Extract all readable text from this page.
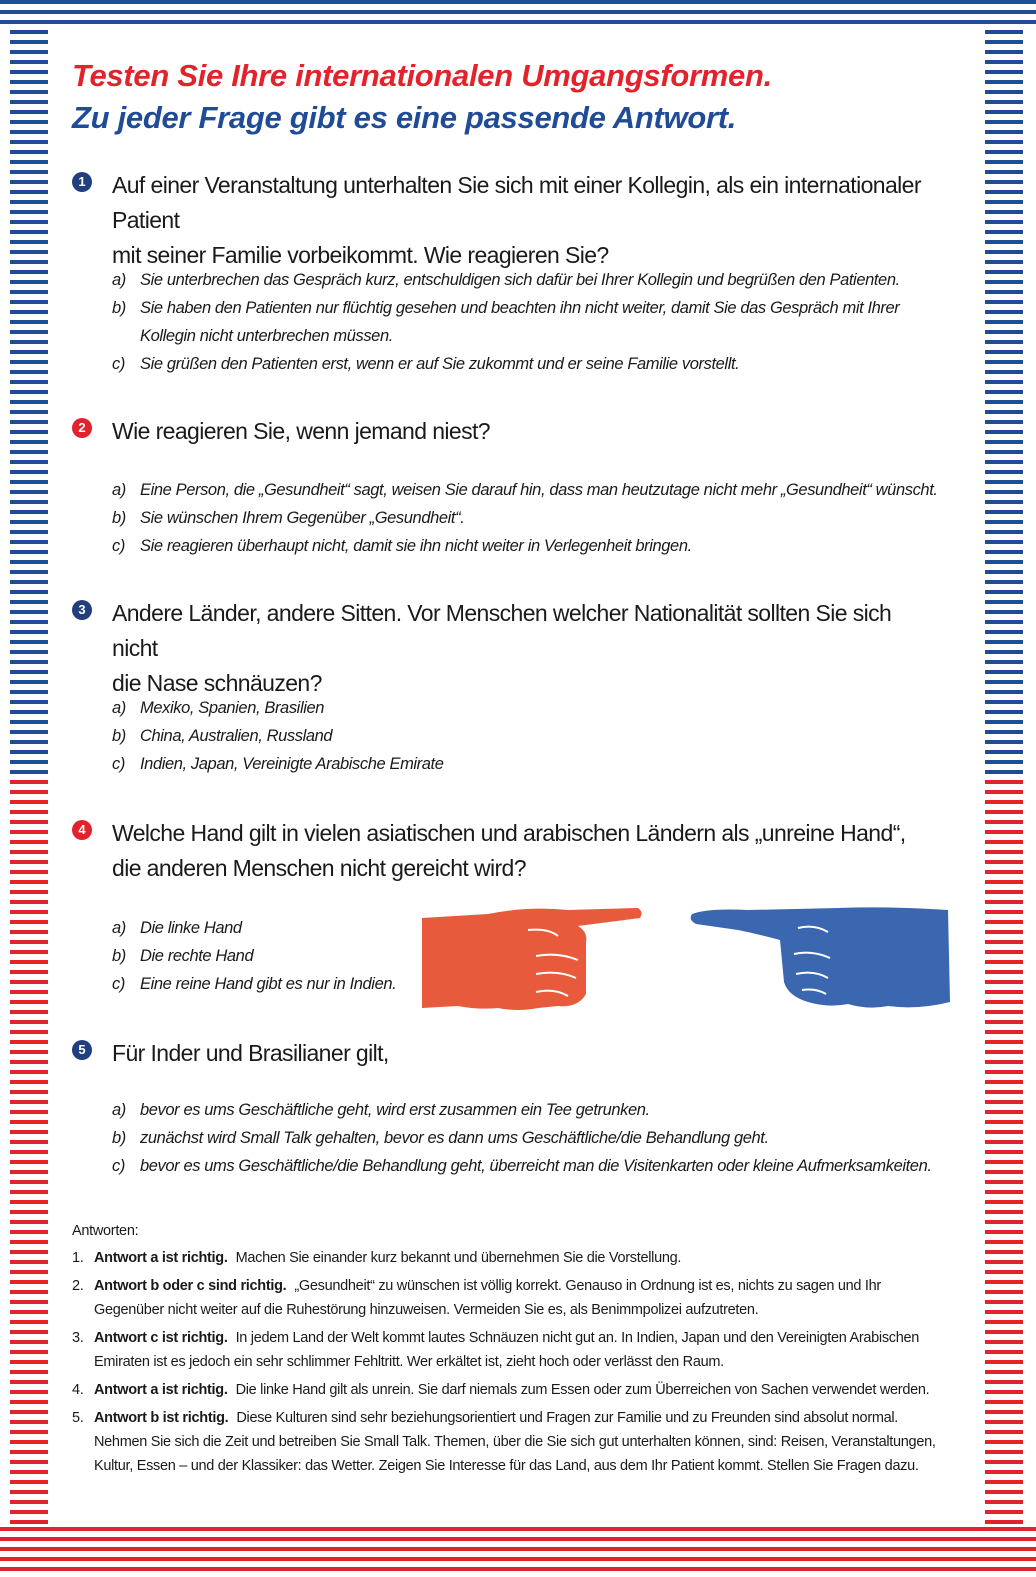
Testen Sie Ihre internationalen Umgangsformen.
Zu jeder Frage gibt es eine passende Antwort.
1 Auf einer Veranstaltung unterhalten Sie sich mit einer Kollegin, als ein internationaler Patient
mit seiner Familie vorbeikommt. Wie reagieren Sie?
a) Sie unterbrechen das Gespräch kurz, entschuldigen sich dafür bei Ihrer Kollegin und begrüßen den Patienten.
b) Sie haben den Patienten nur flüchtig gesehen und beachten ihn nicht weiter, damit Sie das Gespräch mit Ihrer Kollegin nicht unterbrechen müssen.
c) Sie grüßen den Patienten erst, wenn er auf Sie zukommt und er seine Familie vorstellt.
2 Wie reagieren Sie, wenn jemand niest?
a) Eine Person, die „Gesundheit“ sagt, weisen Sie darauf hin, dass man heutzutage nicht mehr „Gesundheit“ wünscht.
b) Sie wünschen Ihrem Gegenüber „Gesundheit“.
c) Sie reagieren überhaupt nicht, damit sie ihn nicht weiter in Verlegenheit bringen.
3 Andere Länder, andere Sitten. Vor Menschen welcher Nationalität sollten Sie sich nicht
die Nase schnäuzen?
a) Mexiko, Spanien, Brasilien
b) China, Australien, Russland
c) Indien, Japan, Vereinigte Arabische Emirate
4 Welche Hand gilt in vielen asiatischen und arabischen Ländern als „unreine Hand“,
die anderen Menschen nicht gereicht wird?
a) Die linke Hand
b) Die rechte Hand
c) Eine reine Hand gibt es nur in Indien.
5 Für Inder und Brasilianer gilt,
a) bevor es ums Geschäftliche geht, wird erst zusammen ein Tee getrunken.
b) zunächst wird Small Talk gehalten, bevor es dann ums Geschäftliche/die Behandlung geht.
c) bevor es ums Geschäftliche/die Behandlung geht, überreicht man die Visitenkarten oder kleine Aufmerksamkeiten.
Antworten:
1. Antwort a ist richtig. Machen Sie einander kurz bekannt und übernehmen Sie die Vorstellung.
2. Antwort b oder c sind richtig. „Gesundheit“ zu wünschen ist völlig korrekt. Genauso in Ordnung ist es, nichts zu sagen und Ihr Gegenüber nicht weiter auf die Ruhestörung hinzuweisen. Vermeiden Sie es, als Benimmpolizei aufzutreten.
3. Antwort c ist richtig. In jedem Land der Welt kommt lautes Schnäuzen nicht gut an. In Indien, Japan und den Vereinigten Arabischen Emiraten ist es jedoch ein sehr schlimmer Fehltritt. Wer erkältet ist, zieht hoch oder verlässt den Raum.
4. Antwort a ist richtig. Die linke Hand gilt als unrein. Sie darf niemals zum Essen oder zum Überreichen von Sachen verwendet werden.
5. Antwort b ist richtig. Diese Kulturen sind sehr beziehungsorientiert und Fragen zur Familie und zu Freunden sind absolut normal. Nehmen Sie sich die Zeit und betreiben Sie Small Talk. Themen, über die Sie sich gut unterhalten können, sind: Reisen, Veranstaltungen, Kultur, Essen – und der Klassiker: das Wetter. Zeigen Sie Interesse für das Land, aus dem Ihr Patient kommt. Stellen Sie Fragen dazu.
